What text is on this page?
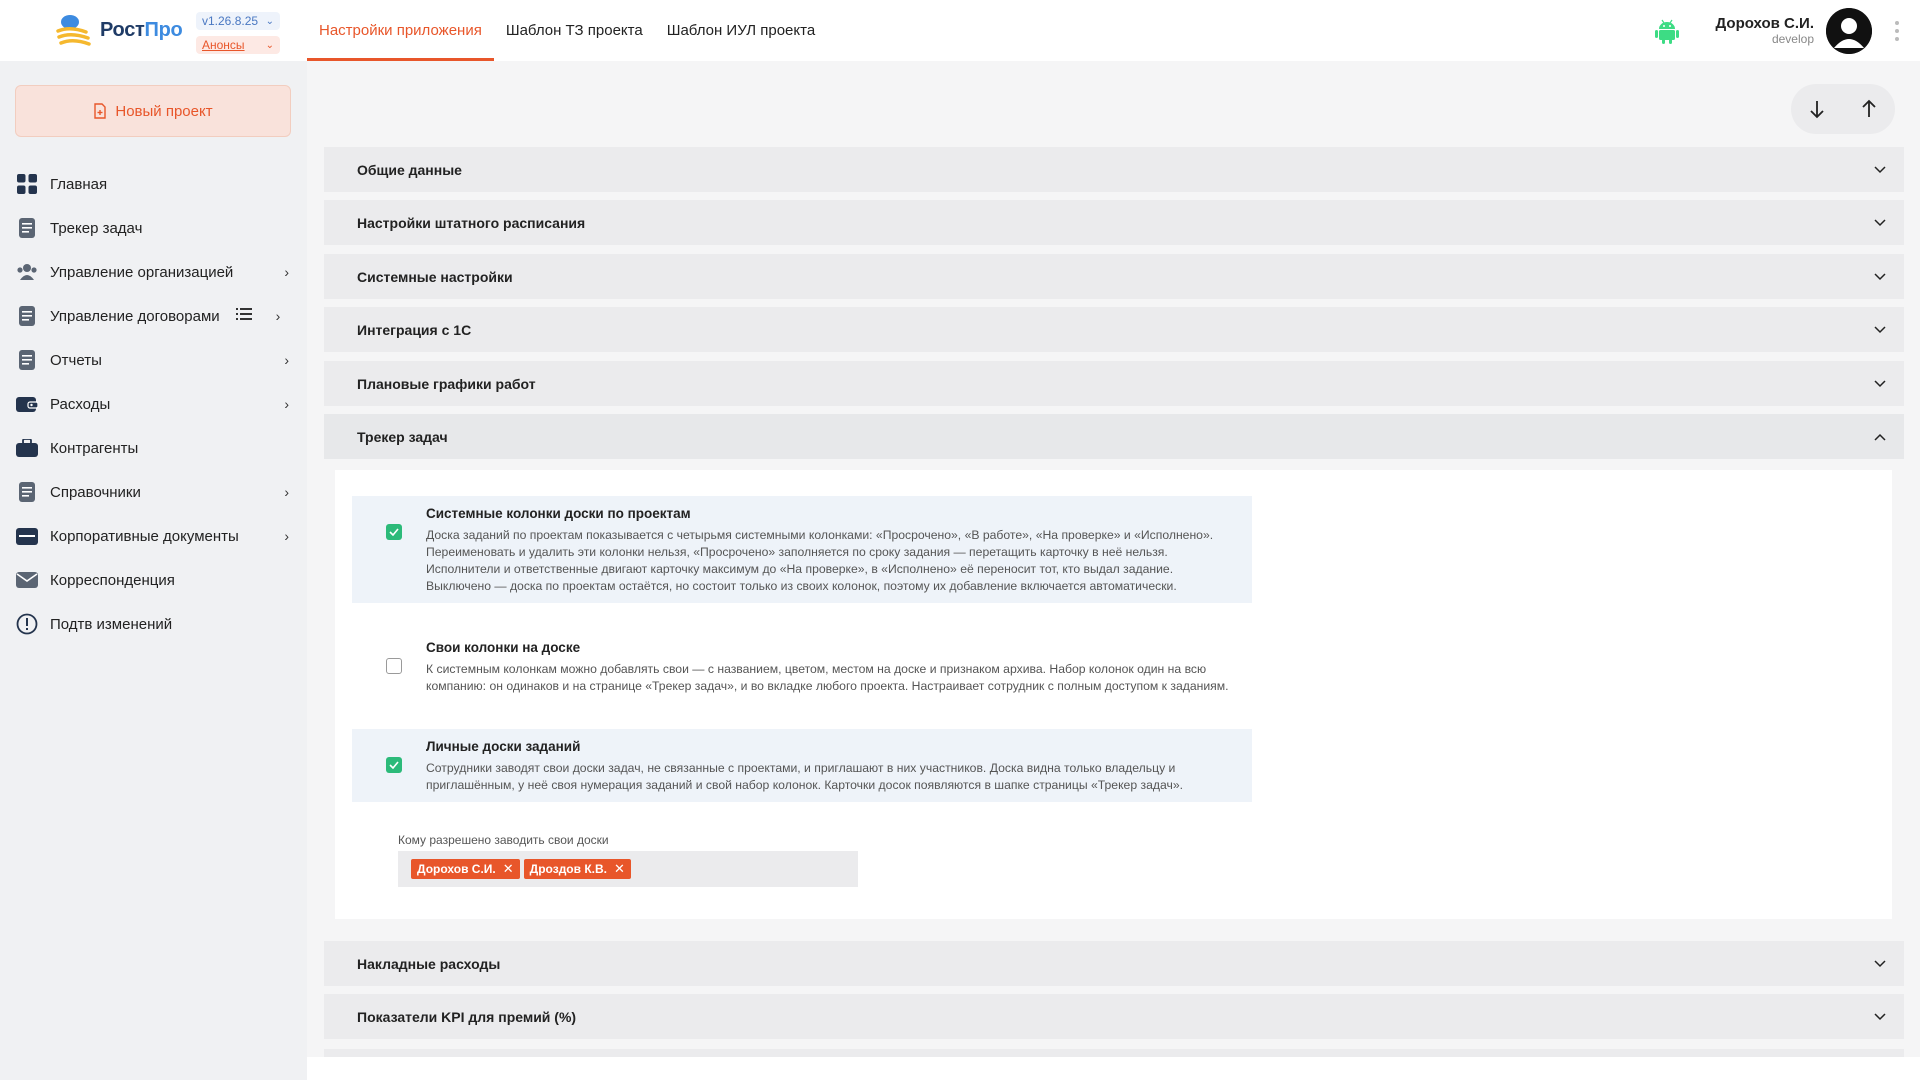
РостПро v1.26.8.25 ⌄
Анонсы ⌄
Настройки приложения Шаблон ТЗ проекта Шаблон ИУЛ проекта	Дорохов С.И.
develop
Новый проект
Главная
Трекер задач
Управление организацией	›
Управление договорами	›
Отчеты	›
Расходы	›
Контрагенты
Справочники	›
Корпоративные документы	›
Корреспонденция
Подтв изменений
Общие данные
Настройки штатного расписания
Системные настройки
Интеграция с 1С
Плановые графики работ
Трекер задач
Системные колонки доски по проектам
Доска заданий по проектам показывается с четырьмя системными колонками: «Просрочено», «В работе», «На проверке» и «Исполнено». Переименовать и удалить эти колонки нельзя, «Просрочено» заполняется по сроку задания — перетащить карточку в неё нельзя. Исполнители и ответственные двигают карточку максимум до «На проверке», в «Исполнено» её переносит тот, кто выдал задание. Выключено — доска по проектам остаётся, но состоит только из своих колонок, поэтому их добавление включается автоматически.
Свои колонки на доске
К системным колонкам можно добавлять свои — с названием, цветом, местом на доске и признаком архива. Набор колонок один на всю компанию: он одинаков и на странице «Трекер задач», и во вкладке любого проекта. Настраивает сотрудник с полным доступом к заданиям.
Личные доски заданий
Сотрудники заводят свои доски задач, не связанные с проектами, и приглашают в них участников. Доска видна только владельцу и приглашённым, у неё своя нумерация заданий и свой набор колонок. Карточки досок появляются в шапке страницы «Трекер задач».
Кому разрешено заводить свои доски
Дорохов С.И. ✕ Дроздов К.В. ✕
Накладные расходы
Показатели KPI для премий (%)
